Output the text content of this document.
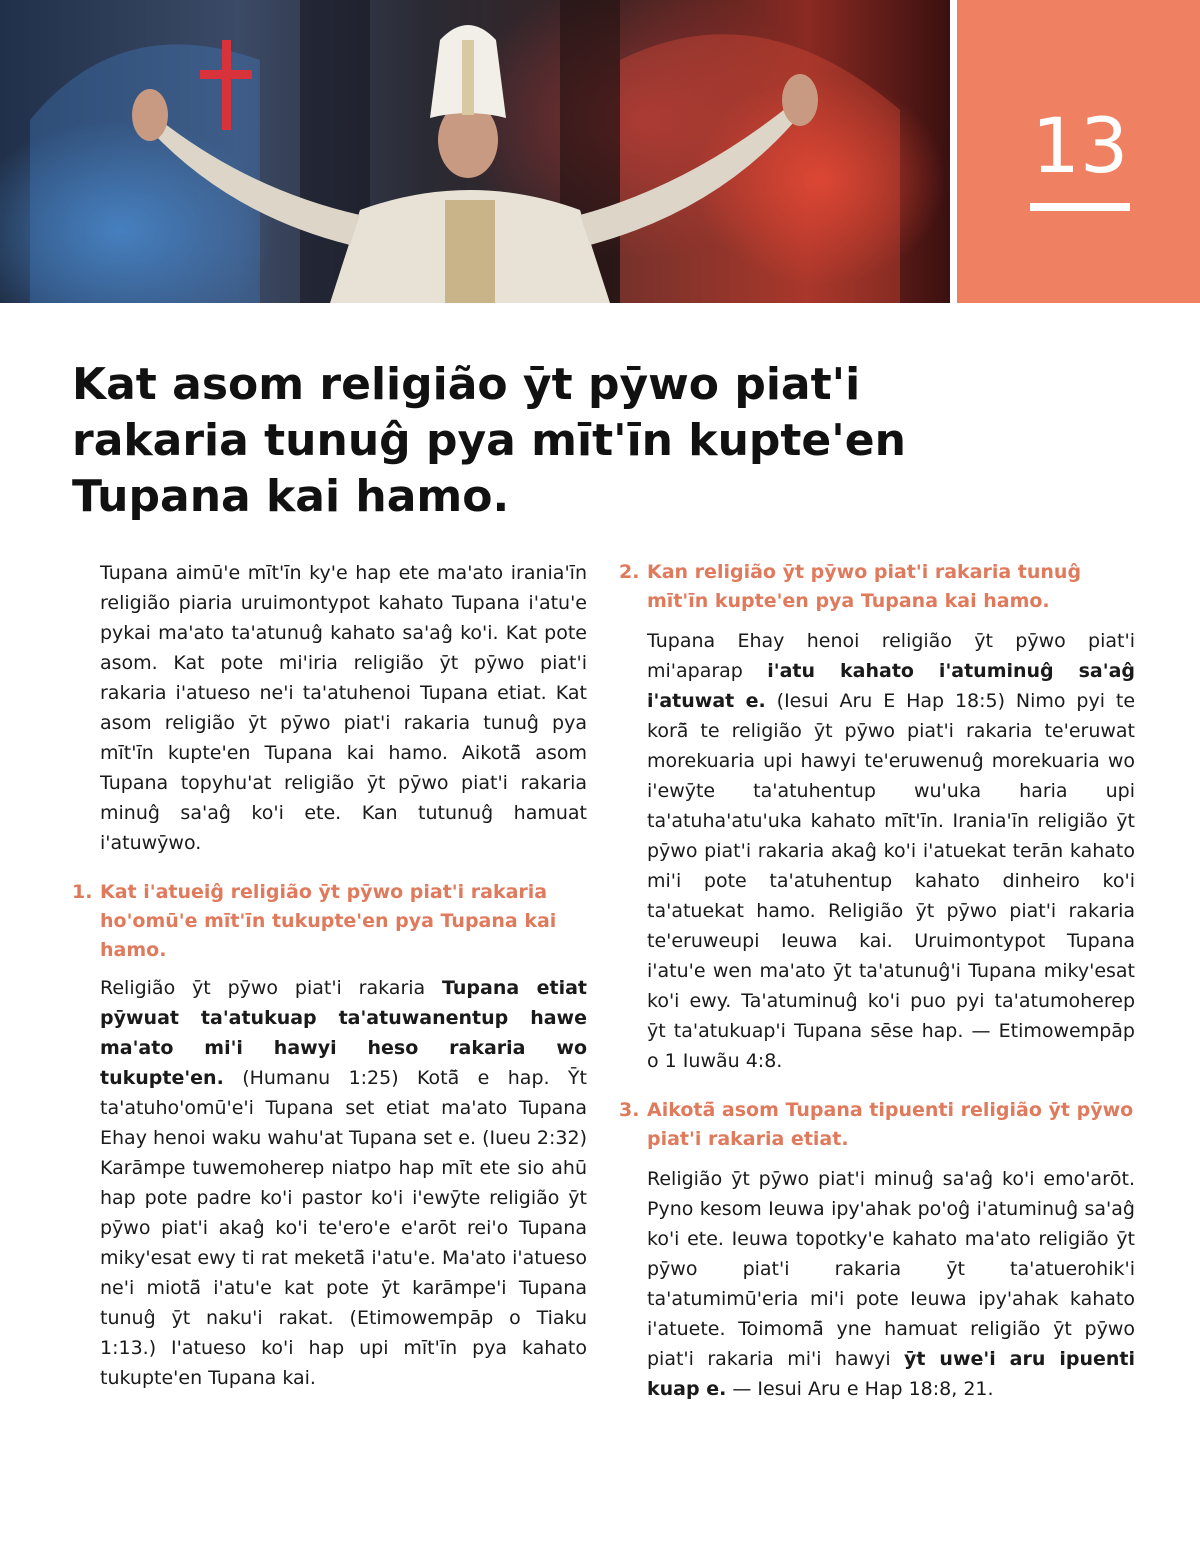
13
Kat asom religião ȳt pȳwo piat'i rakaria tunuĝ pya mīt'īn kupte'en Tupana kai hamo.

Tupana aimū'e mīt'īn ky'e hap ete ma'ato irania'īn religião piaria uruimontypot kahato Tupana i'atu'e pykai ma'ato ta'atunuĝ kahato sa'aĝ ko'i. Kat pote asom. Kat pote mi'iria religião ȳt pȳwo piat'i rakaria i'atueso ne'i ta'atuhenoi Tupana etiat. Kat asom religião ȳt pȳwo piat'i rakaria tunuĝ pya mīt'īn kupte'en Tupana kai hamo. Aikotã̄ asom Tupana topyhu'at religião ȳt pȳwo piat'i rakaria minuĝ sa'aĝ ko'i ete. Kan tutunuĝ hamuat i'atuwȳwo.

1. Kat i'atueiĝ religião ȳt pȳwo piat'i rakaria ho'omū'e mīt'īn tukupte'en pya Tupana kai hamo.

Religião ȳt pȳwo piat'i rakaria Tupana etiat pȳwuat ta'atukuap ta'atuwanentup hawe ma'ato mi'i hawyi heso rakaria wo tukupte'en. (Humanu 1:25) Kotã̄ e hap. Ȳt ta'atuho'omū'e'i Tupana set etiat ma'ato Tupana Ehay henoi waku wahu'at Tupana set e. (Iueu 2:32) Karāmpe tuwemoherep niatpo hap mīt ete sio ahū hap pote padre ko'i pastor ko'i i'ewȳte religião ȳt pȳwo piat'i akaĝ ko'i te'ero'e e'arōt rei'o Tupana miky'esat ewy ti rat meketã̄ i'atu'e. Ma'ato i'atueso ne'i miotã̄ i'atu'e kat pote ȳt karāmpe'i Tupana tunuĝ ȳt naku'i rakat. (Etimowempāp o Tiaku 1:13.) I'atueso ko'i hap upi mīt'īn pya kahato tukupte'en Tupana kai.

2. Kan religião ȳt pȳwo piat'i rakaria tunuĝ mīt'īn kupte'en pya Tupana kai hamo.

Tupana Ehay henoi religião ȳt pȳwo piat'i mi'aparap i'atu kahato i'atuminuĝ sa'aĝ i'atuwat e. (Iesui Aru E Hap 18:5) Nimo pyi te korã̄ te religião ȳt pȳwo piat'i rakaria te'eruwat morekuaria upi hawyi te'eruwenuĝ morekuaria wo i'ewȳte ta'atuhentup wu'uka haria upi ta'atuha'atu'uka kahato mīt'īn. Irania'īn religião ȳt pȳwo piat'i rakaria akaĝ ko'i i'atuekat terān kahato mi'i pote ta'atuhentup kahato dinheiro ko'i ta'atuekat hamo. Religião ȳt pȳwo piat'i rakaria te'eruweupi Ieuwa kai. Uruimontypot Tupana i'atu'e wen ma'ato ȳt ta'atunuĝ'i Tupana miky'esat ko'i ewy. Ta'atuminuĝ ko'i puo pyi ta'atumoherep ȳt ta'atukuap'i Tupana sēse hap. — Etimowempāp o 1 Iuwãu 4:8.

3. Aikotã̄ asom Tupana tipuenti religião ȳt pȳwo piat'i rakaria etiat.

Religião ȳt pȳwo piat'i minuĝ sa'aĝ ko'i emo'arōt. Pyno kesom Ieuwa ipy'ahak po'oĝ i'atuminuĝ sa'aĝ ko'i ete. Ieuwa topotky'e kahato ma'ato religião ȳt pȳwo piat'i rakaria ȳt ta'atuerohik'i ta'atumimū'eria mi'i pote Ieuwa ipy'ahak kahato i'atuete. Toimomã̄ yne hamuat religião ȳt pȳwo piat'i rakaria mi'i hawyi ȳt uwe'i aru ipuenti kuap e. — Iesui Aru e Hap 18:8, 21.
